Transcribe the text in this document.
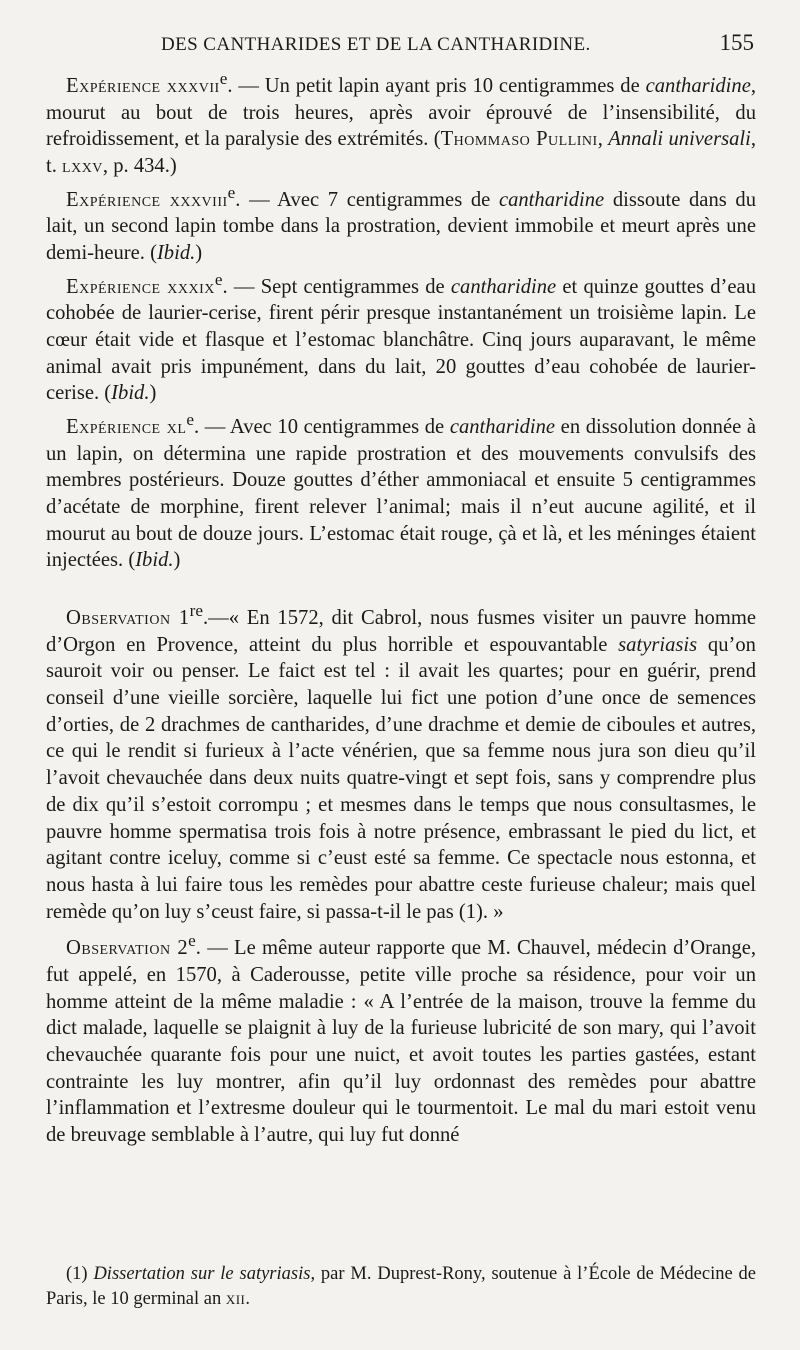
DES CANTHARIDES ET DE LA CANTHARIDINE.	155

Expérience xxxvii$^e$. — Un petit lapin ayant pris 10 centigrammes de cantharidine, mourut au bout de trois heures, après avoir éprouvé de l’insensibilité, du refroidissement, et la paralysie des extrémités. (Thommaso Pullini, Annali universali, t. lxxv, p. 434.)

Expérience xxxviii$^e$. — Avec 7 centigrammes de cantharidine dissoute dans du lait, un second lapin tombe dans la prostration, devient immobile et meurt après une demi-heure. (Ibid.)

Expérience xxxix$^e$. — Sept centigrammes de cantharidine et quinze gouttes d’eau cohobée de laurier-cerise, firent périr presque instantanément un troisième lapin. Le cœur était vide et flasque et l’estomac blanchâtre. Cinq jours auparavant, le même animal avait pris impunément, dans du lait, 20 gouttes d’eau cohobée de laurier-cerise. (Ibid.)

Expérience $xl^e$. — Avec 10 centigrammes de cantharidine en dissolution donnée à un lapin, on détermina une rapide prostration et des mouvements convulsifs des membres postérieurs. Douze gouttes d’éther ammoniacal et ensuite 5 centigrammes d’acétate de morphine, firent relever l’animal; mais il n’eut aucune agilité, et il mourut au bout de douze jours. L’estomac était rouge, çà et là, et les méninges étaient injectées. (Ibid.)

Observation 1re.—« En 1572, dit Cabrol, nous fusmes visiter un pauvre homme d’Orgon en Provence, atteint du plus horrible et espouvantable satyriasis qu’on sauroit voir ou penser. Le faict est tel : il avait les quartes; pour en guérir, prend conseil d’une vieille sorcière, laquelle lui fict une potion d’une once de semences d’orties, de 2 drachmes de cantharides, d’une drachme et demie de ciboules et autres, ce qui le rendit si furieux à l’acte vénérien, que sa femme nous jura son dieu qu’il l’avoit chevauchée dans deux nuits quatre-vingt et sept fois, sans y comprendre plus de dix qu’il s’estoit corrompu ; et mesmes dans le temps que nous consultasmes, le pauvre homme spermatisa trois fois à notre présence, embrassant le pied du lict, et agitant contre iceluy, comme si c’eust esté sa femme. Ce spectacle nous estonna, et nous hasta à lui faire tous les remèdes pour abattre ceste furieuse chaleur; mais quel remède qu’on luy s’ceust faire, si passa-t-il le pas (1). »

Observation 2e. — Le même auteur rapporte que M. Chauvel, médecin d’Orange, fut appelé, en 1570, à Caderousse, petite ville proche sa résidence, pour voir un homme atteint de la même maladie : « A l’entrée de la maison, trouve la femme du dict malade, laquelle se plaignit à luy de la furieuse lubricité de son mary, qui l’avoit chevauchée quarante fois pour une nuict, et avoit toutes les parties gastées, estant contrainte les luy montrer, afin qu’il luy ordonnast des remèdes pour abattre l’inflammation et l’extresme douleur qui le tourmentoit. Le mal du mari estoit venu de breuvage semblable à l’autre, qui luy fut donné

(1) Dissertation sur le satyriasis, par M. Duprest-Rony, soutenue à l’École de Médecine de Paris, le 10 germinal an xii.
